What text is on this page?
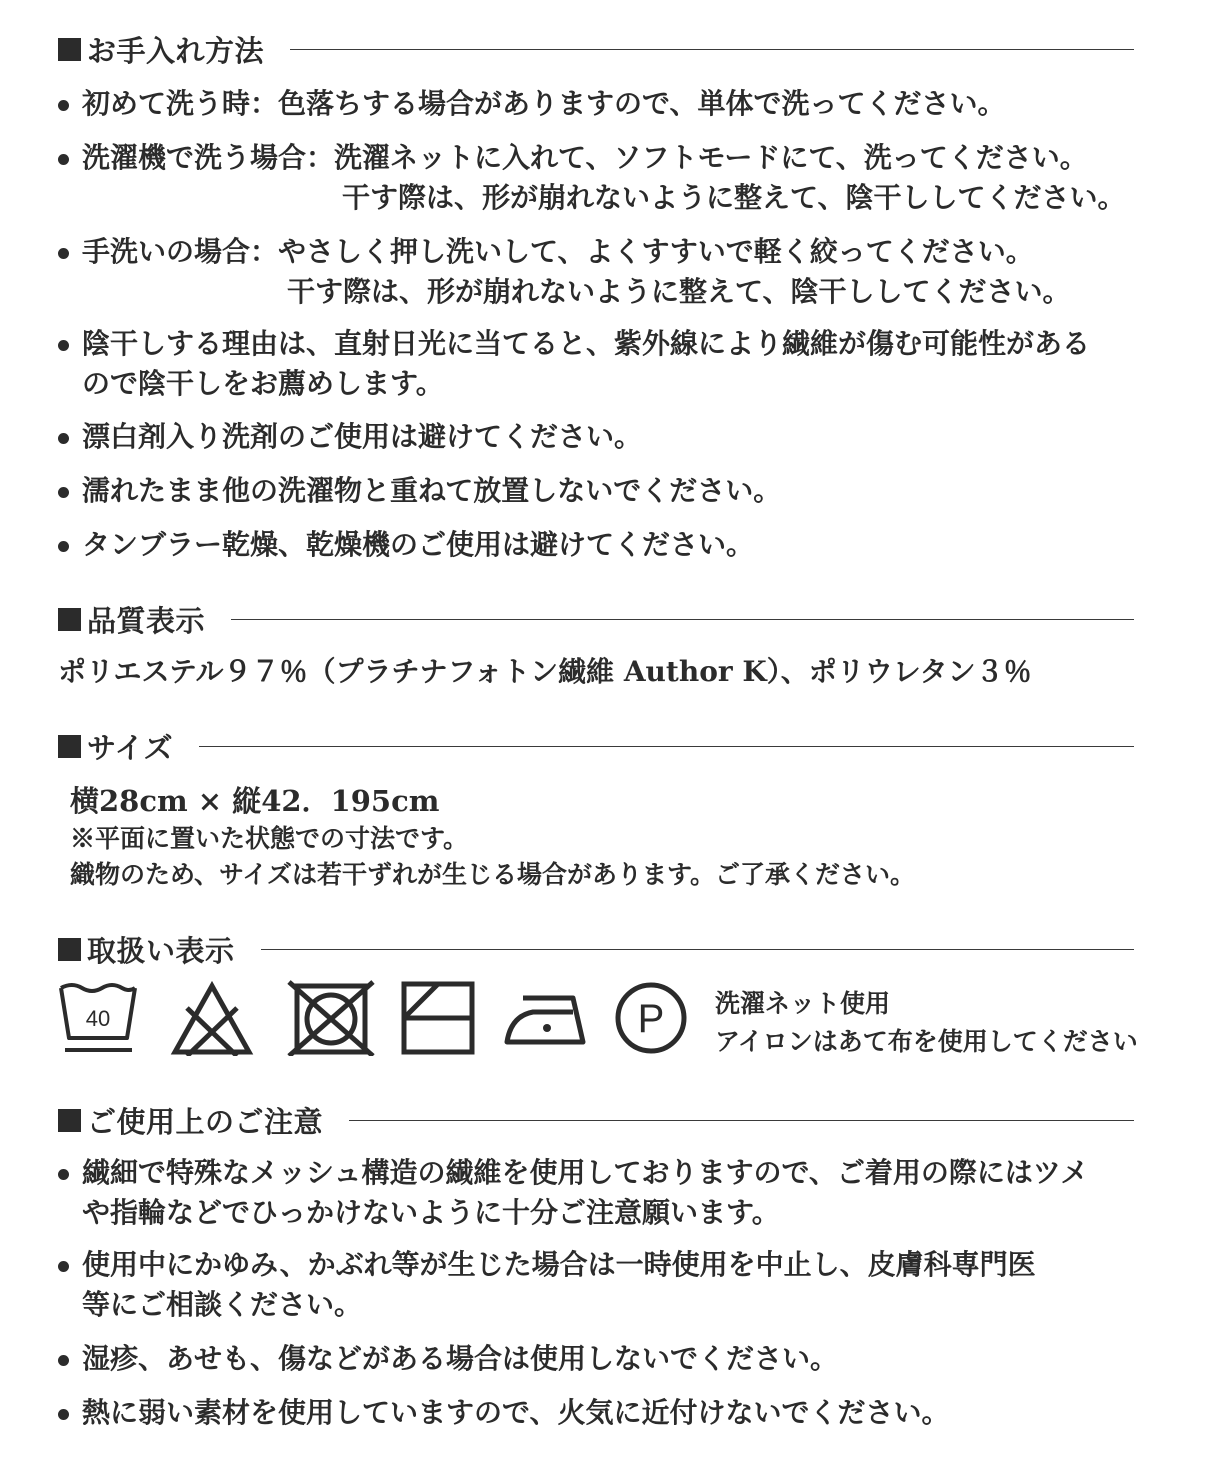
お手入れ方法
初めて洗う時：色落ちする場合がありますので、単体で洗ってください。
洗濯機で洗う場合：洗濯ネットに入れて、ソフトモードにて、洗ってください。
干す際は、形が崩れないように整えて、陰干ししてください。
手洗いの場合：やさしく押し洗いして、よくすすいで軽く絞ってください。
干す際は、形が崩れないように整えて、陰干ししてください。
陰干しする理由は、直射日光に当てると、紫外線により繊維が傷む可能性がある
ので陰干しをお薦めします。
漂白剤入り洗剤のご使用は避けてください。
濡れたまま他の洗濯物と重ねて放置しないでください。
タンブラー乾燥、乾燥機のご使用は避けてください。
品質表示
ポリエステル９７％（プラチナフォトン繊維 Author K）、ポリウレタン３％
サイズ
横28cm × 縦42．195cm
※平面に置いた状態での寸法です。
織物のため、サイズは若干ずれが生じる場合があります。ご了承ください。
取扱い表示
40	P 洗濯ネット使用
アイロンはあて布を使用してください
ご使用上のご注意
繊細で特殊なメッシュ構造の繊維を使用しておりますので、ご着用の際にはツメ
や指輪などでひっかけないように十分ご注意願います。
使用中にかゆみ、かぶれ等が生じた場合は一時使用を中止し、皮膚科専門医
等にご相談ください。
湿疹、あせも、傷などがある場合は使用しないでください。
熱に弱い素材を使用していますので、火気に近付けないでください。
